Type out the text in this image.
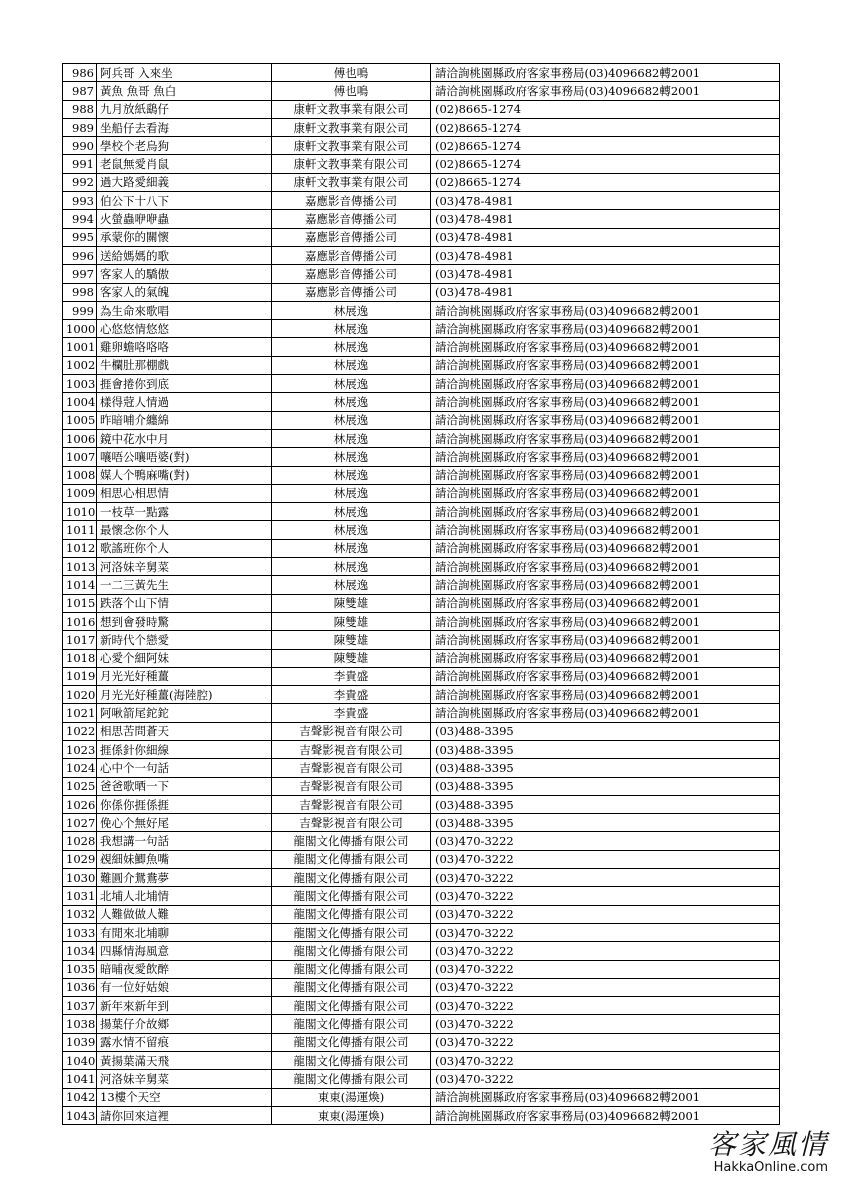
986	阿兵哥 入來坐	傅也鳴	請洽詢桃園縣政府客家事務局(03)4096682轉2001
987	黃魚 魚哥 魚白	傅也鳴	請洽詢桃園縣政府客家事務局(03)4096682轉2001
988	九月放紙鷂仔	康軒文教事業有限公司	(02)8665-1274
989	坐船仔去看海	康軒文教事業有限公司	(02)8665-1274
990	學校个老烏狗	康軒文教事業有限公司	(02)8665-1274
991	老鼠無愛肖鼠	康軒文教事業有限公司	(02)8665-1274
992	過大路愛細義	康軒文教事業有限公司	(02)8665-1274
993	伯公下十八下	嘉應影音傳播公司	(03)478-4981
994	火螢蟲咿咿蟲	嘉應影音傳播公司	(03)478-4981
995	承蒙你的關懷	嘉應影音傳播公司	(03)478-4981
996	送給媽媽的歌	嘉應影音傳播公司	(03)478-4981
997	客家人的驕傲	嘉應影音傳播公司	(03)478-4981
998	客家人的氣魄	嘉應影音傳播公司	(03)478-4981
999	為生命來歌唱	林展逸	請洽詢桃園縣政府客家事務局(03)4096682轉2001
1000	心悠悠情悠悠	林展逸	請洽詢桃園縣政府客家事務局(03)4096682轉2001
1001	雞卵蟾咯咯咯	林展逸	請洽詢桃園縣政府客家事務局(03)4096682轉2001
1002	牛欄肚那棚戲	林展逸	請洽詢桃園縣政府客家事務局(03)4096682轉2001
1003	捱會捲你到底	林展逸	請洽詢桃園縣政府客家事務局(03)4096682轉2001
1004	樣得蒄人情過	林展逸	請洽詢桃園縣政府客家事務局(03)4096682轉2001
1005	昨暗哺介纏綿	林展逸	請洽詢桃園縣政府客家事務局(03)4096682轉2001
1006	鏡中花水中月	林展逸	請洽詢桃園縣政府客家事務局(03)4096682轉2001
1007	嚷唔公嚷唔婆(對)	林展逸	請洽詢桃園縣政府客家事務局(03)4096682轉2001
1008	媒人个鴨麻嘴(對)	林展逸	請洽詢桃園縣政府客家事務局(03)4096682轉2001
1009	相思心相思情	林展逸	請洽詢桃園縣政府客家事務局(03)4096682轉2001
1010	一枝草一點露	林展逸	請洽詢桃園縣政府客家事務局(03)4096682轉2001
1011	最懷念你个人	林展逸	請洽詢桃園縣政府客家事務局(03)4096682轉2001
1012	歌謠班你个人	林展逸	請洽詢桃園縣政府客家事務局(03)4096682轉2001
1013	河洛妹辛舅菜	林展逸	請洽詢桃園縣政府客家事務局(03)4096682轉2001
1014	一二三黃先生	林展逸	請洽詢桃園縣政府客家事務局(03)4096682轉2001
1015	跌落个山下情	陳雙雄	請洽詢桃園縣政府客家事務局(03)4096682轉2001
1016	想到會發時驚	陳雙雄	請洽詢桃園縣政府客家事務局(03)4096682轉2001
1017	新時代个戀愛	陳雙雄	請洽詢桃園縣政府客家事務局(03)4096682轉2001
1018	心愛个細阿妹	陳雙雄	請洽詢桃園縣政府客家事務局(03)4096682轉2001
1019	月光光好種薑	李貴盛	請洽詢桃園縣政府客家事務局(03)4096682轉2001
1020	月光光好種薑(海陸腔)	李貴盛	請洽詢桃園縣政府客家事務局(03)4096682轉2001
1021	阿啾箭尾鉈鉈	李貴盛	請洽詢桃園縣政府客家事務局(03)4096682轉2001
1022	相思苦問蒼天	吉聲影視音有限公司	(03)488-3395
1023	捱係針你細線	吉聲影視音有限公司	(03)488-3395
1024	心中个一句話	吉聲影視音有限公司	(03)488-3395
1025	爸爸歌晒一下	吉聲影視音有限公司	(03)488-3395
1026	你係你捱係捱	吉聲影視音有限公司	(03)488-3395
1027	俛心个無好尾	吉聲影視音有限公司	(03)488-3395
1028	我想講一句話	龍閣文化傳播有限公司	(03)470-3222
1029	覕細妹鯽魚嘴	龍閣文化傳播有限公司	(03)470-3222
1030	難圓介鴛鴦夢	龍閣文化傳播有限公司	(03)470-3222
1031	北埔人北埔情	龍閣文化傳播有限公司	(03)470-3222
1032	人難做做人難	龍閣文化傳播有限公司	(03)470-3222
1033	有閒來北埔聊	龍閣文化傳播有限公司	(03)470-3222
1034	四縣情海風意	龍閣文化傳播有限公司	(03)470-3222
1035	暗晡夜愛飲醉	龍閣文化傳播有限公司	(03)470-3222
1036	有一位好姑娘	龍閣文化傳播有限公司	(03)470-3222
1037	新年來新年到	龍閣文化傳播有限公司	(03)470-3222
1038	揚葉仔介故鄉	龍閣文化傳播有限公司	(03)470-3222
1039	露水情不留痕	龍閣文化傳播有限公司	(03)470-3222
1040	黃揚葉滿天飛	龍閣文化傳播有限公司	(03)470-3222
1041	河洛妹辛舅菜	龍閣文化傳播有限公司	(03)470-3222
1042	13樓个天空	東東(湯運煥)	請洽詢桃園縣政府客家事務局(03)4096682轉2001
1043	請你回來這裡	東東(湯運煥)	請洽詢桃園縣政府客家事務局(03)4096682轉2001
客家風情
HakkaOnline.com
